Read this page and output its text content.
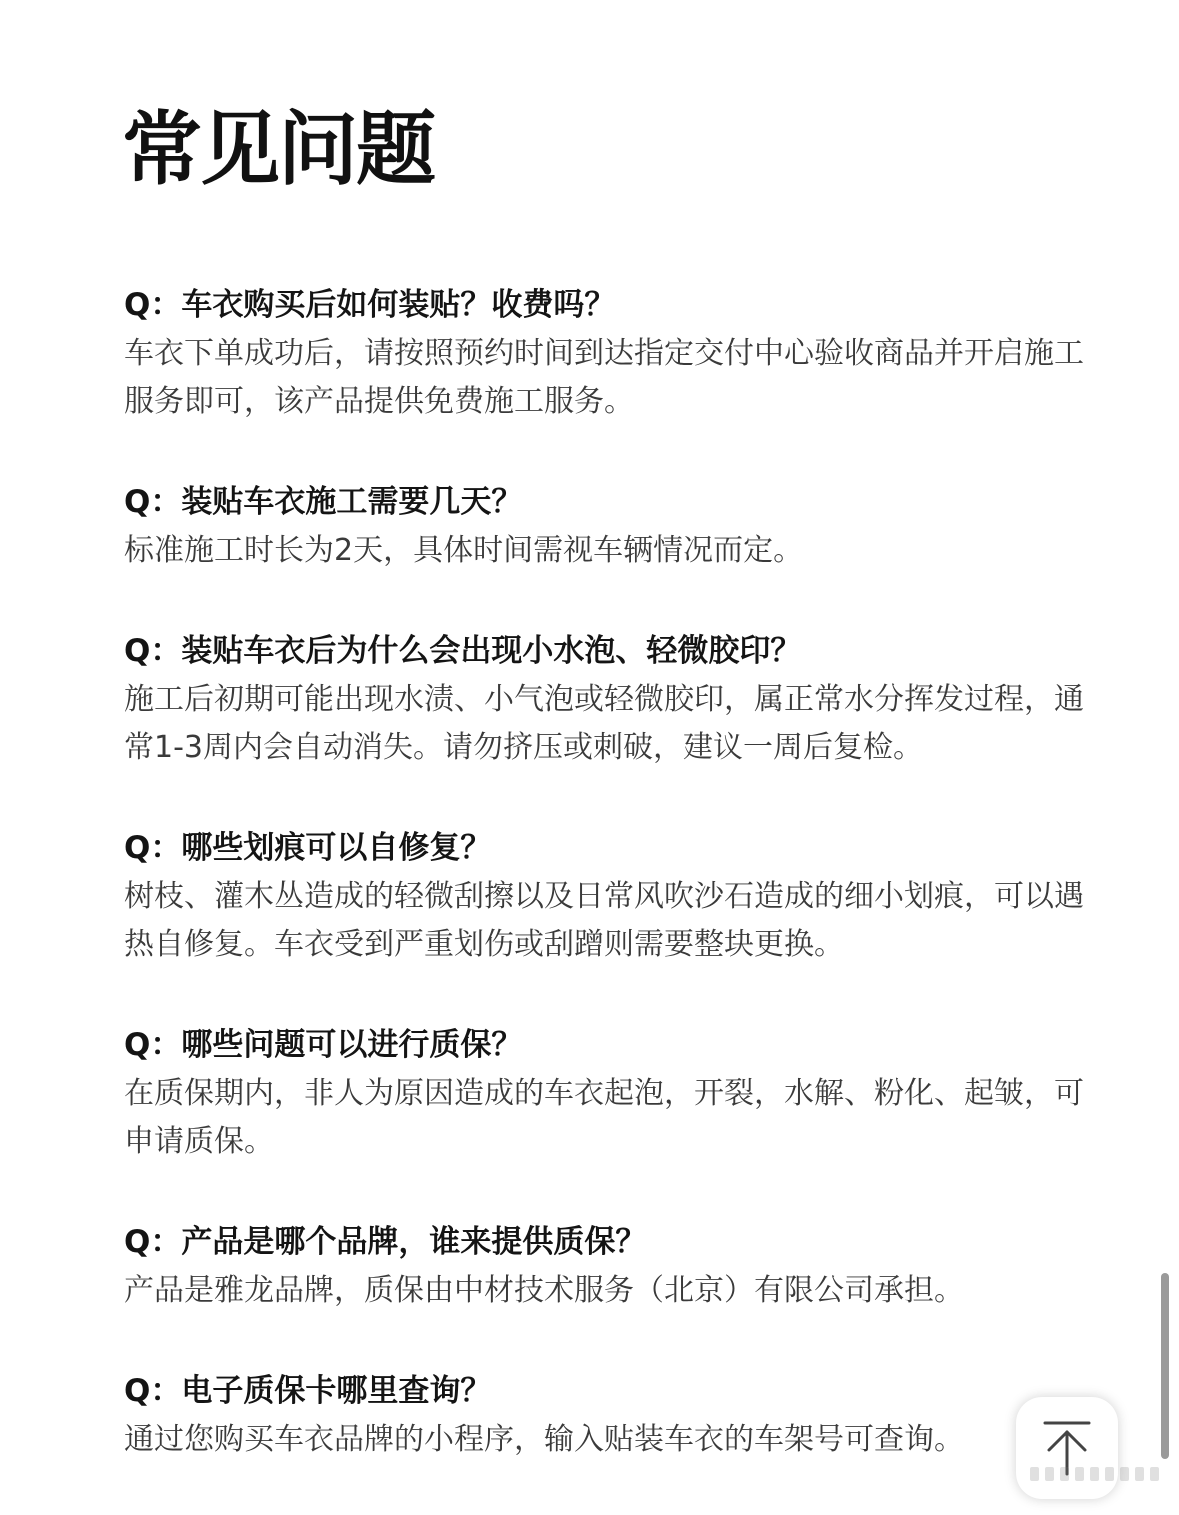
常见问题

Q：车衣购买后如何装贴？收费吗？

车衣下单成功后，请按照预约时间到达指定交付中心验收商品并开启施工服务即可，该产品提供免费施工服务。

Q：装贴车衣施工需要几天？

标准施工时长为2天，具体时间需视车辆情况而定。

Q：装贴车衣后为什么会出现小水泡、轻微胶印？

施工后初期可能出现水渍、小气泡或轻微胶印，属正常水分挥发过程，通常1-3周内会自动消失。请勿挤压或刺破，建议一周后复检。

Q：哪些划痕可以自修复？

树枝、灌木丛造成的轻微刮擦以及日常风吹沙石造成的细小划痕，可以遇热自修复。车衣受到严重划伤或刮蹭则需要整块更换。

Q：哪些问题可以进行质保？

在质保期内，非人为原因造成的车衣起泡，开裂，水解、粉化、起皱，可申请质保。

Q：产品是哪个品牌，谁来提供质保？

产品是雅龙品牌，质保由中材技术服务（北京）有限公司承担。

Q：电子质保卡哪里查询？

通过您购买车衣品牌的小程序，输入贴装车衣的车架号可查询。
